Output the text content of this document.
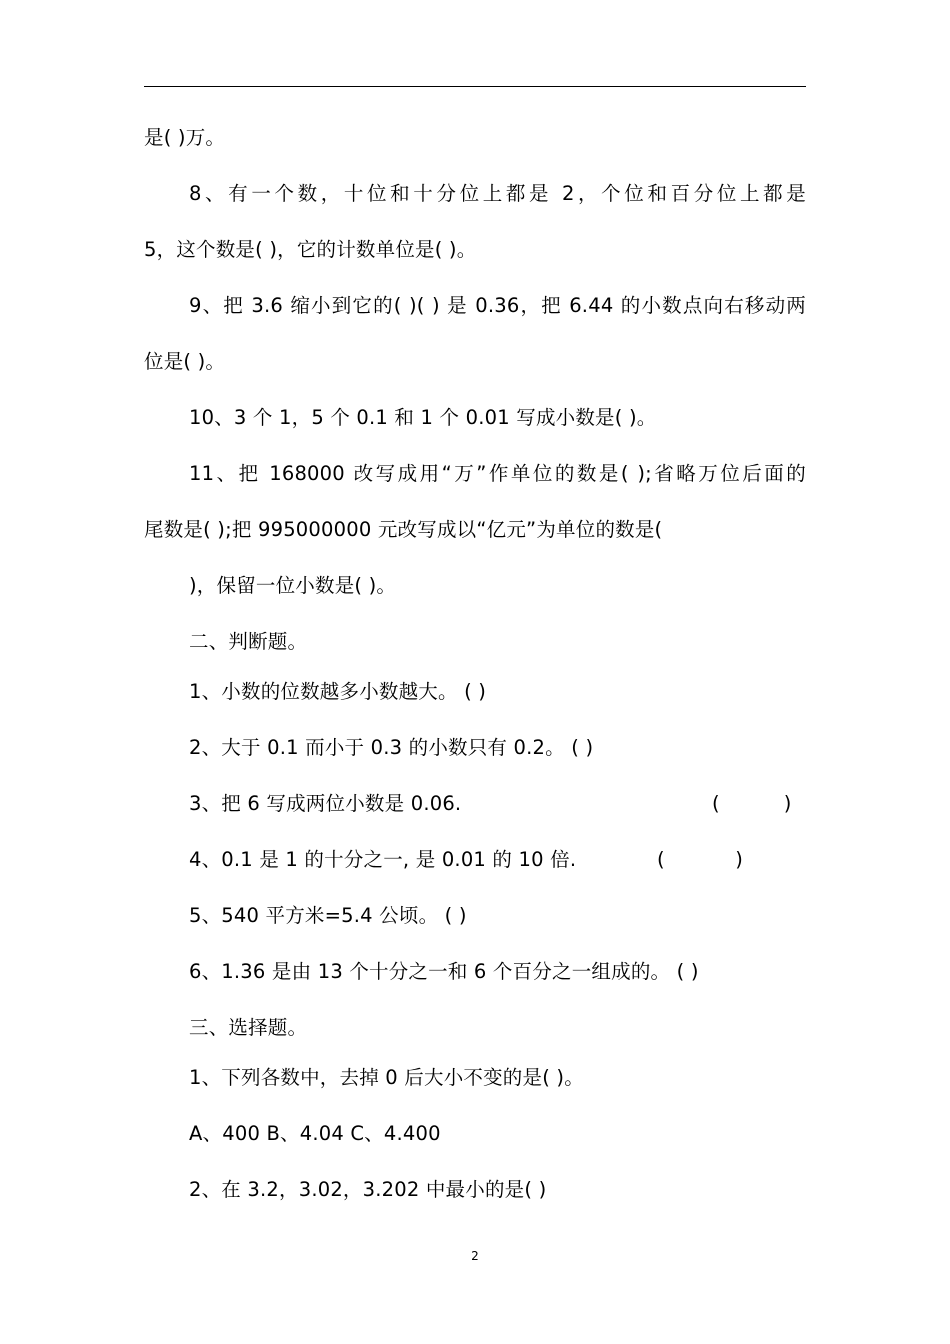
是( )万。
8、有一个数，十位和十分位上都是 2，个位和百分位上都是
5，这个数是( )，它的计数单位是( )。
9、把 3.6 缩小到它的( )( ) 是 0.36，把 6.44 的小数点向右移动两
位是( )。
10、3 个 1，5 个 0.1 和 1 个 0.01 写成小数是( )。
11、把 168000 改写成用“万”作单位的数是( );省略万位后面的
尾数是( );把 995000000 元改写成以“亿元”为单位的数是(
)，保留一位小数是( )。
二、判断题。
1、小数的位数越多小数越大。 ( )
2、大于 0.1 而小于 0.3 的小数只有 0.2。 ( )
3、把 6 写成两位小数是 0.06.	(          )
4、0.1 是 1 的十分之一, 是 0.01 的 10 倍.	(           )
5、540 平方米=5.4 公顷。 ( )
6、1.36 是由 13 个十分之一和 6 个百分之一组成的。 ( )
三、选择题。
1、下列各数中，去掉 0 后大小不变的是( )。
A、400 B、4.04 C、4.400
2、在 3.2，3.02，3.202 中最小的是( )
2
